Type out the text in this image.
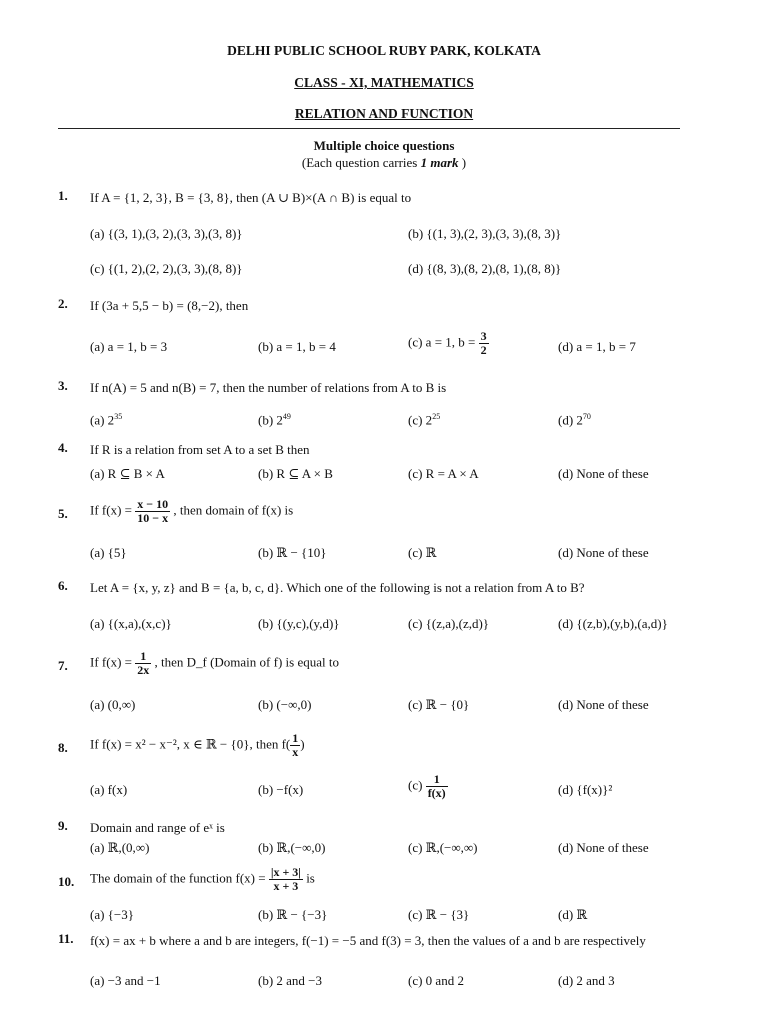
DELHI PUBLIC SCHOOL RUBY PARK, KOLKATA
CLASS - XI, MATHEMATICS
RELATION AND FUNCTION
Multiple choice questions
(Each question carries 1 mark )
1. If A = {1, 2, 3}, B = {3, 8}, then (A ∪ B)×(A ∩ B) is equal to
(a) {(3, 1),(3, 2),(3, 3),(3, 8)}	(b) {(1, 3),(2, 3),(3, 3),(8, 3)}
(c) {(1, 2),(2, 2),(3, 3),(8, 8)}	(d) {(8, 3),(8, 2),(8, 1),(8, 8)}
2. If (3a + 5,5 − b) = (8,−2), then
(a) a = 1, b = 3	(b) a = 1, b = 4	(c) a = 1, $b = \frac{3}{2}$	(d) a = 1, b = 7
3. If n(A) = 5 and n(B) = 7, then the number of relations from A to B is
(a) $2^{35}$	(b) $2^{49}$	(c) $2^{25}$	(d) $2^{70}$
4. If R is a relation from set A to a set B then
(a) R ⊆ B × A	(b) R ⊆ A × B	(c) R = A × A	(d) None of these
5. If $f(x) = \frac{x - 10}{10 - x}$ , then domain of f(x) is
(a) {5}	(b) ℝ − {10}	(c) ℝ	(d) None of these
6. Let A = {x, y, z} and B = {a, b, c, d}. Which one of the following is not a relation from A to B?
(a) {(x,a),(x,c)}	(b) {(y,c),(y,d)}	(c) {(z,a),(z,d)}	(d) {(z,b),(y,b),(a,d)}
7. If $f(x) = \frac{1}{2x}$ , then D_f (Domain of f) is equal to
(a) (0,∞)	(b) (−∞,0)	(c) ℝ − {0}	(d) None of these
8. If f(x) = x² − x⁻², x ∈ ℝ − {0}, then $f( \frac{1}{x}$ )
(a) f(x)	(b) −f(x)	$(c) \frac{1}{f(x)}$	(d) {f(x)}²
9. Domain and range of eˣ is
(a) ℝ,(0,∞)	(b) ℝ,(−∞,0)	(c) ℝ,(−∞,∞)	(d) None of these
10. The domain of the function $f(x) = \frac{|x + 3|}{x + 3}$ is
(a) {−3}	(b) ℝ − {−3}	(c) ℝ − {3}	(d) ℝ
11. f(x) = ax + b where a and b are integers, f(−1) = −5 and f(3) = 3, then the values of a and b are respectively
(a) −3 and −1	(b) 2 and −3	(c) 0 and 2	(d) 2 and 3
